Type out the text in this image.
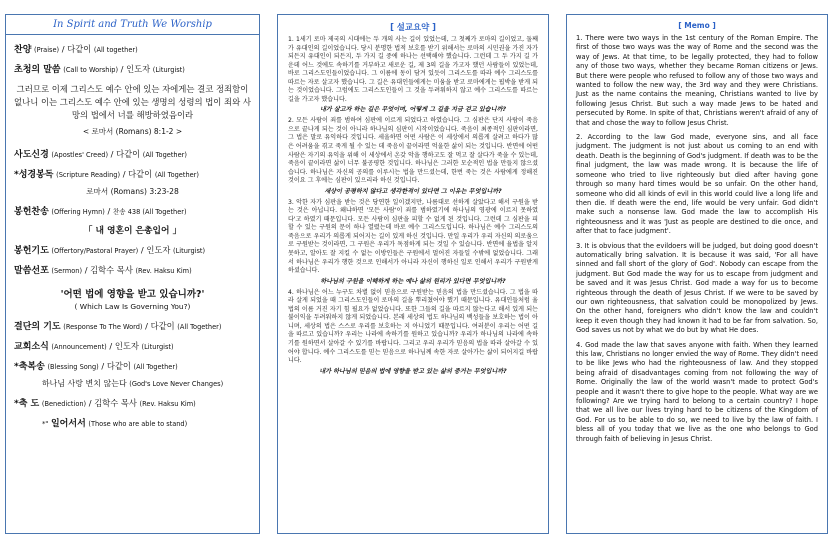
In Spirit and Truth We Worship
찬양 (Praise) / 다같이 (All together)
초청의 말씀 (Call to Worship) / 인도자 (Liturgist)
그러므로 이제 그리스도 예수 안에 있는 자에게는 결코 정죄함이 없나니 이는 그리스도 예수 안에 있는 생명의 성령의 법이 죄와 사망의 법에서 너를 해방하였음이라
< 로마서 (Romans) 8:1-2 >
사도신경 (Apostles' Creed) / 다같이 (All Together)
*성경봉독 (Scripture Reading) / 다같이 (All Together)
로마서 (Romans) 3:23-28
봉헌찬송 (Offering Hymn) / 찬송 438 (All Together)
「 내 영혼이 은총입어 」
봉헌기도 (Offertory/Pastoral Prayer) / 인도자 (Liturgist)
말씀선포 (Sermon) / 김학수 목사 (Rev. Haksu Kim)
'어떤 법에 영향을 받고 있습니까?'
( Which Law Is Governing You?)
결단의 기도 (Response To The Word) / 다같이 (All Together)
교회소식 (Announcement) / 인도자 (Liturgist)
*축복송 (Blessing Song) / 다같이 (All Together)
하나님 사랑 변치 않는다 (God's Love Never Changes)
*축 도 (Benediction) / 김학수 목사 (Rev. Haksu Kim)
*" 일어서서 (Those who are able to stand)
[ 설교요약 ]

1. 1세기 로마 제국의 시대에는 두 개의 사는 길이 있었는데, 그 첫째가 로마의 길이었고, 둘째가 유대인의 길이었습니다. 당시 분명한 법적 보호를 받기 위해서는 로마의 시민권을 가진 자가 되든지 유대인이 되든지, 두 가지 길 중에 하나는 선택해야 했습니다. 그런데 그 두 가지 길 가운데 어느 것에도 속하기를 거부하고 새로운 길, 제 3의 길을 가고자 했던 사람들이 있었는데, 바로 그리스도인들이었습니다. 그 이름에 동이 담겨 있듯이 그리스도를 따라 예수 그리스도를 따르는 자로 살고자 했습니다. 그 길은 유대인들에게는 미움을 받고 로마에게는 핍박을 받게 되는 것이었습니다. 그럼에도 그리스도인들이 그 것을 두려워하지 않고 예수 그리스도를 따르는 길을 가고자 했습니다.

내가 살고자 하는 길은 무엇이며, 어떻게 그 길을 지금 걷고 있습니까?

2. 모든 사람이 죄를 범하여 심판에 이르게 되었다고 하였습니다. 그 심판은 단지 사람이 죽음으로 끝나게 되는 것이 아니라 하나님의 심판이 시작이었습니다. 죽음이 최종적인 심판이라면, 그 법은 말로 유익하다 것입니다. 세울하면 어떤 사람은 이 세상에서 의롭게 살려고 하다가 많은 어려움을 겪고 죽게 될 수 있는 데 죽음이 끝이라면 억울한 삶이 되는 것입니다. 반면에 어떤 사람은 자기의 유익을 위해 이 세상에서 온갖 악을 행하고도 잘 먹고 잘 살다가 죽을 수 있는데, 죽음이 끝이라면 삶이 너무 불공평한 것입니다. 하나님은 그러한 모순적인 법을 만들지 않으셨습니다. 하나님은 자신의 공의를 이루시는 법을 만드셨는데, 한번 죽는 것은 사람에게 정해진 것이요 그 후에는 심판이 있으리라 하신 것입니다.

새상이 공평하지 않다고 생각한적이 있다면 그 이유는 무엇입니까?

3. 악한 자가 심판을 받는 것은 당연한 일이겠지만, 나름대로 선하게 살았다고 해서 구원을 받는 것은 아닙니다. 왜냐하면 '모든 사람'이 죄를 범하였기에 하나님의 영광에 이르지 못하였다'고 하였기 때문입니다. 모든 사람이 심판을 피할 수 없게 된 것입니다. 그런데 그 심판을 피할 수 있는 구원의 문이 하나 열렸는데 바로 예수 그리스도입니다. 하나님은 예수 그리스도의 죽음으로 우리가 의롭게 되어지는 길이 있게 하신 것입니다. 만일 우리가 우리 자신의 의로움으로 구원받는 것이라면, 그 구원은 우리가 독점하게 되는 것일 수 있습니다. 반면에 율법을 알지 못하고, 알아도 잘 지킬 수 없는 이방인들은 구원에서 멀어진 자들일 수밖에 없었습니다. 그래서 하나님은 우리가 행한 것으로 인해서가 아니라 자신이 행하신 일로 인해서 우리가 구원받게 하셨습니다.

하나님의 구원을 이해하게 하는 예나 삶의 원리가 있다면 무엇입니까?

4. 하나님은 어느 누구도 차별 없이 믿음으로 구원받는 믿음의 법을 만드셨습니다. 그 법을 따라 살게 되었을 때 그리스도인들이 로마의 길을 뿌리쳤어야 했기 때문입니다. 유대인들처럼 율법의 이름 거진 자기 힘 필요가 없었습니다. 또한 그들의 길을 따르지 않는다고 해서 있게 되는 불이익을 두려워하지 않게 되었습니다. 본래 세상의 법도 하나님의 백성들을 보호하는 법이 아니며, 세상의 법은 스스로 우리를 보호하는 지 아니었기 때문입니다. 여러분이 우리는 어떤 길을 따르고 있습니까? 우리는 나라에 속하기를 원하고 있습니까? 우리가 하나님의 나라에 속하기를 원하면서 살아갈 수 있기를 바랍니다. 그리고 우리 우리가 믿음의 법을 따라 살아갈 수 있어야 합니다. 예수 그리스도를 믿는 믿음으로 하나님께 속한 자로 살아가는 삶이 되어지길 바랍니다.

내가 하나님의 믿음의 법에 영향을 받고 있는 삶의 증거는 무엇입니까?

[ Memo ]

1. There were two ways in the 1st century of the Roman Empire. The first of those two ways was the way of Rome and the second was the way of Jews. At that time, to be legally protected, they had to follow any of those two ways, whether they became Roman citizens or Jews. But there were people who refused to follow any of those two ways and wanted to follow the new way, the 3rd way and they were Christians. Just as the name contains the meaning, Christians wanted to live by following Jesus Christ. But such a way made Jews to be hated and persecuted by Rome. In spite of that, Christians weren't afraid of any of that and chose the way to follow Jesus Christ.

2. According to the law God made, everyone sins, and all face judgment. The judgment is not just about us coming to an end with death. Death is the beginning of God's judgment. If death was to be the final judgment, the law was made wrong. It is because the life of someone who tried to live righteously but died after having gone through so many hard times would be so unfair. On the other hand, someone who did all kinds of evil in this world could live a long life and then die. If death were the end, life would be very unfair. God didn't make such a nonsense law. God made the law to accomplish His righteousness and it was 'Just as people are destined to die once, and after that to face judgment'.

3. It is obvious that the evildoers will be judged, but doing good doesn't automatically bring salvation. It is because it was said, 'For all have sinned and fall short of the glory of God'. Nobody can escape from the judgment. But God made the way for us to escape from judgment and be saved and it was Jesus Christ. God made a way for us to become righteous through the death of Jesus Christ. If we were to be saved by our own righteousness, that salvation could be monopolized by Jews. On the other hand, foreigners who didn't know the law and couldn't keep it even though they had known it had to be far from salvation. So, God saves us not by what we do but by what He does.

4. God made the law that saves anyone with faith. When they learned this law, Christians no longer envied the way of Rome. They didn't need to be like Jews who had the righteousness of law. And they stopped being afraid of disadvantages coming from not following the way of Rome. Originally the law of the world wasn't made to protect God's people and it wasn't there to give hope to the people. What way are we following? Are we trying hard to belong to a certain country? I hope that we all live our lives trying hard to be citizens of the Kingdom of God. For us to be able to do so, we need to live by the law of faith. I bless all of you today that we live as the one who belongs to God through faith of believing in Jesus Christ.
